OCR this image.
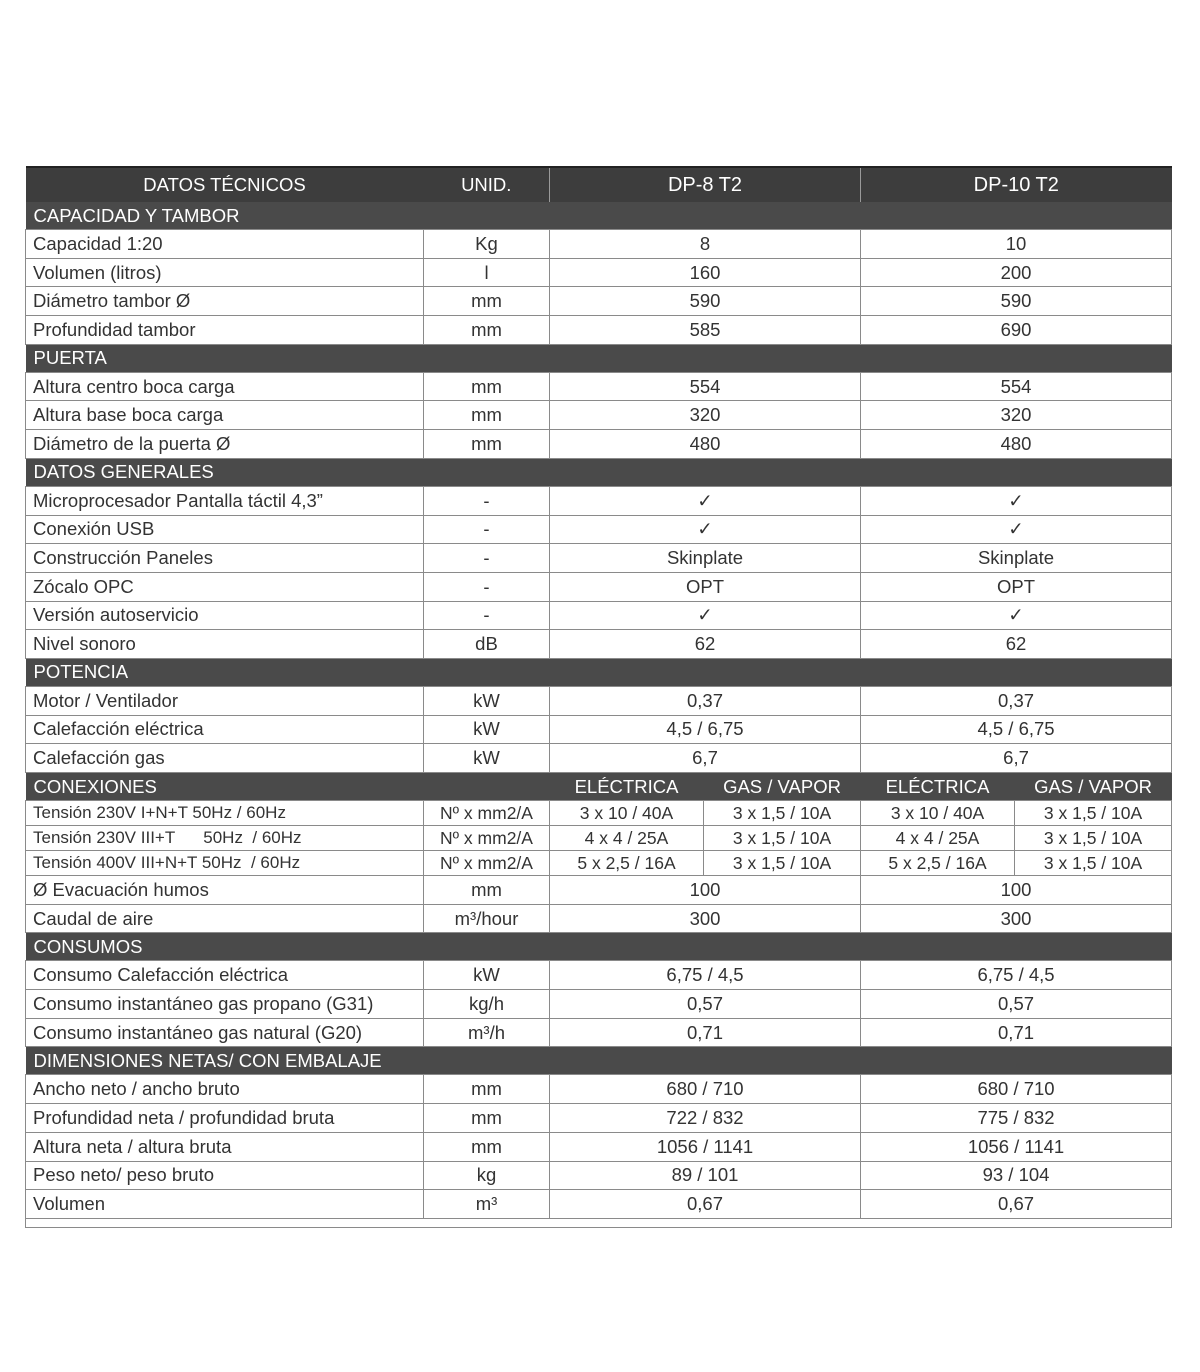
DATOS TÉCNICOS	UNID.	DP-8 T2		DP-10 T2	
CAPACIDAD Y TAMBOR					
Capacidad 1:20	Kg	8		10	
Volumen (litros)	l	160		200	
Diámetro tambor Ø	mm	590		590	
Profundidad tambor	mm	585		690	
PUERTA					
Altura centro boca carga	mm	554		554	
Altura base boca carga	mm	320		320	
Diámetro de la puerta Ø	mm	480		480	
DATOS GENERALES					
Microprocesador Pantalla táctil 4,3”	-	✓		✓	
Conexión USB	-	✓		✓	
Construcción Paneles	-	Skinplate		Skinplate	
Zócalo OPC	-	OPT		OPT	
Versión autoservicio	-	✓		✓	
Nivel sonoro	dB	62		62	
POTENCIA					
Motor / Ventilador	kW	0,37		0,37	
Calefacción eléctrica	kW	4,5 / 6,75		4,5 / 6,75	
Calefacción gas	kW	6,7		6,7	
CONEXIONES		ELÉCTRICA	GAS / VAPOR	ELÉCTRICA	GAS / VAPOR
Tensión 230V I+N+T 50Hz / 60Hz	Nº x mm2/A	3 x 10 / 40A	3 x 1,5 / 10A	3 x 10 / 40A	3 x 1,5 / 10A
Tensión 230V III+T      50Hz  / 60Hz	Nº x mm2/A	4 x 4 / 25A	3 x 1,5 / 10A	4 x 4 / 25A	3 x 1,5 / 10A
Tensión 400V III+N+T 50Hz  / 60Hz	Nº x mm2/A	5 x 2,5 / 16A	3 x 1,5 / 10A	5 x 2,5 / 16A	3 x 1,5 / 10A
Ø Evacuación humos	mm	100		100	
Caudal de aire	m³/hour	300		300	
CONSUMOS					
Consumo Calefacción eléctrica	kW	6,75 / 4,5		6,75 / 4,5	
Consumo instantáneo gas propano (G31)	kg/h	0,57		0,57	
Consumo instantáneo gas natural (G20)	m³/h	0,71		0,71	
DIMENSIONES NETAS/ CON EMBALAJE					
Ancho neto / ancho bruto	mm	680 / 710		680 / 710	
Profundidad neta / profundidad bruta	mm	722 / 832		775 / 832	
Altura neta / altura bruta	mm	1056 / 1141		1056 / 1141	
Peso neto/ peso bruto	kg	89 / 101		93 / 104	
Volumen	m³	0,67		0,67	
